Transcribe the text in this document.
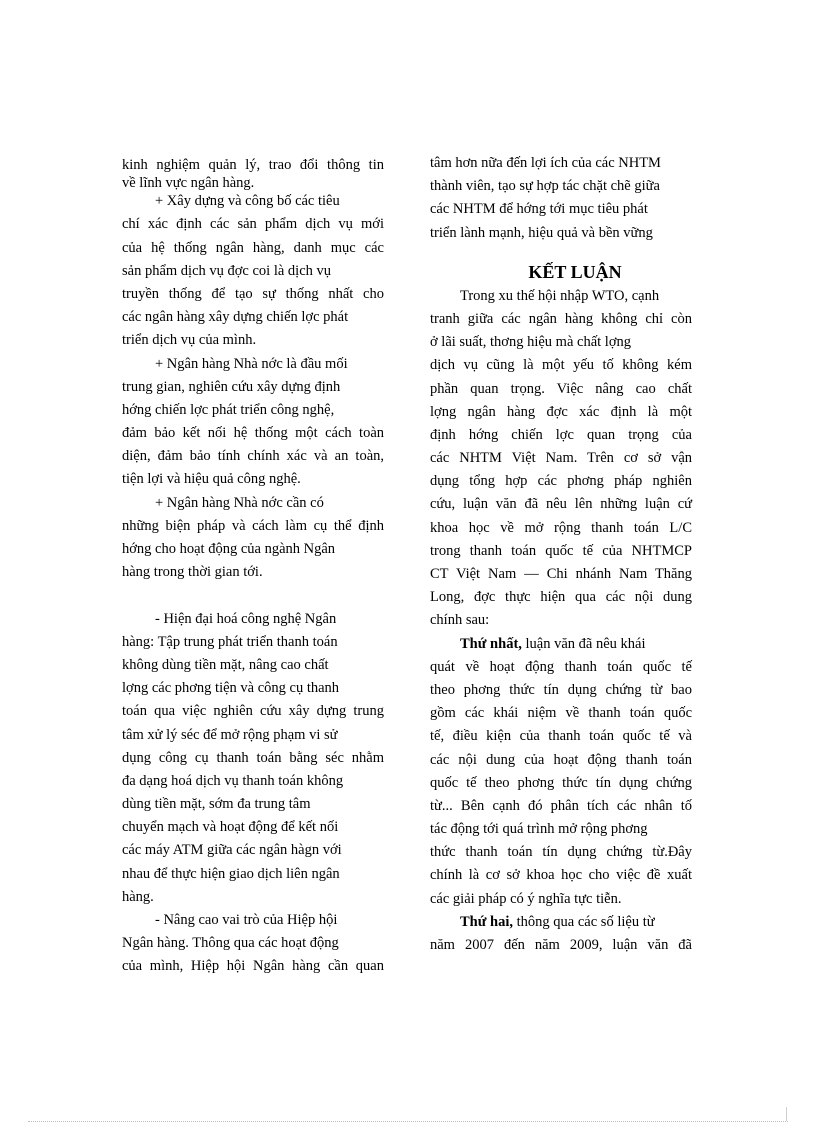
kinh nghiệm quản lý, trao đổi thông tin
về lĩnh vực ngân hàng.
+ Xây dựng và công bố các tiêu
chí xác định các sản phẩm dịch vụ mới
của hệ thống ngân hàng, danh mục các
sản phẩm dịch vụ đợc coi là dịch vụ
truyền thống để tạo sự thống nhất cho
các ngân hàng xây dựng chiến lợc phát
triển dịch vụ của mình.
+ Ngân hàng Nhà nớc là đầu mối
trung gian, nghiên cứu xây dựng định
hớng chiến lợc phát triển công nghệ,
đảm bảo kết nối hệ thống một cách toàn
diện, đảm bảo tính chính xác và an toàn,
tiện lợi và hiệu quả công nghệ.
+ Ngân hàng Nhà nớc cần có
những biện pháp và cách làm cụ thể định
hớng cho hoạt động của ngành Ngân
hàng trong thời gian tới.
- Hiện đại hoá công nghệ Ngân
hàng: Tập trung phát triển thanh toán
không dùng tiền mặt, nâng cao chất
lợng các phơng tiện và công cụ thanh
toán qua việc nghiên cứu xây dựng trung
tâm xử lý séc để mở rộng phạm vi sử
dụng công cụ thanh toán bằng séc nhằm
đa dạng hoá dịch vụ thanh toán không
dùng tiền mặt, sớm đa trung tâm
chuyển mạch và hoạt động để kết nối
các máy ATM giữa các ngân hàgn với
nhau để thực hiện giao dịch liên ngân
hàng.
- Nâng cao vai trò của Hiệp hội
Ngân hàng. Thông qua các hoạt động
của mình, Hiệp hội Ngân hàng cần quan
tâm hơn nữa đến lợi ích của các NHTM
thành viên, tạo sự hợp tác chặt chẽ giữa
các NHTM để hớng tới mục tiêu phát
triển lành mạnh, hiệu quả và bền vững
KẾT LUẬN
Trong xu thế hội nhập WTO, cạnh
tranh giữa các ngân hàng không chỉ còn
ở lãi suất, thơng hiệu mà chất lợng
dịch vụ cũng là một yếu tố không kém
phần quan trọng. Việc nâng cao chất
lợng ngân hàng đợc xác định là một
định hớng chiến lợc quan trọng của
các NHTM Việt Nam. Trên cơ sở vận
dụng tổng hợp các phơng pháp nghiên
cứu, luận văn đã nêu lên những luận cứ
khoa học về mở rộng thanh toán L/C
trong thanh toán quốc tế của NHTMCP
CT Việt Nam — Chi nhánh Nam Thăng
Long, đợc thực hiện qua các nội dung
chính sau:
Thứ nhất, luận văn đã nêu khái
quát về hoạt động thanh toán quốc tế
theo phơng thức tín dụng chứng từ bao
gồm các khái niệm về thanh toán quốc
tế, điều kiện của thanh toán quốc tế và
các nội dung của hoạt động thanh toán
quốc tế theo phơng thức tín dụng chứng
từ... Bên cạnh đó phân tích các nhân tố
tác động tới quá trình mở rộng phơng
thức thanh toán tín dụng chứng từ.Đây
chính là cơ sở khoa học cho việc đề xuất
các giải pháp có ý nghĩa tực tiễn.
Thứ hai, thông qua các số liệu từ
năm 2007 đến năm 2009, luận văn đã
